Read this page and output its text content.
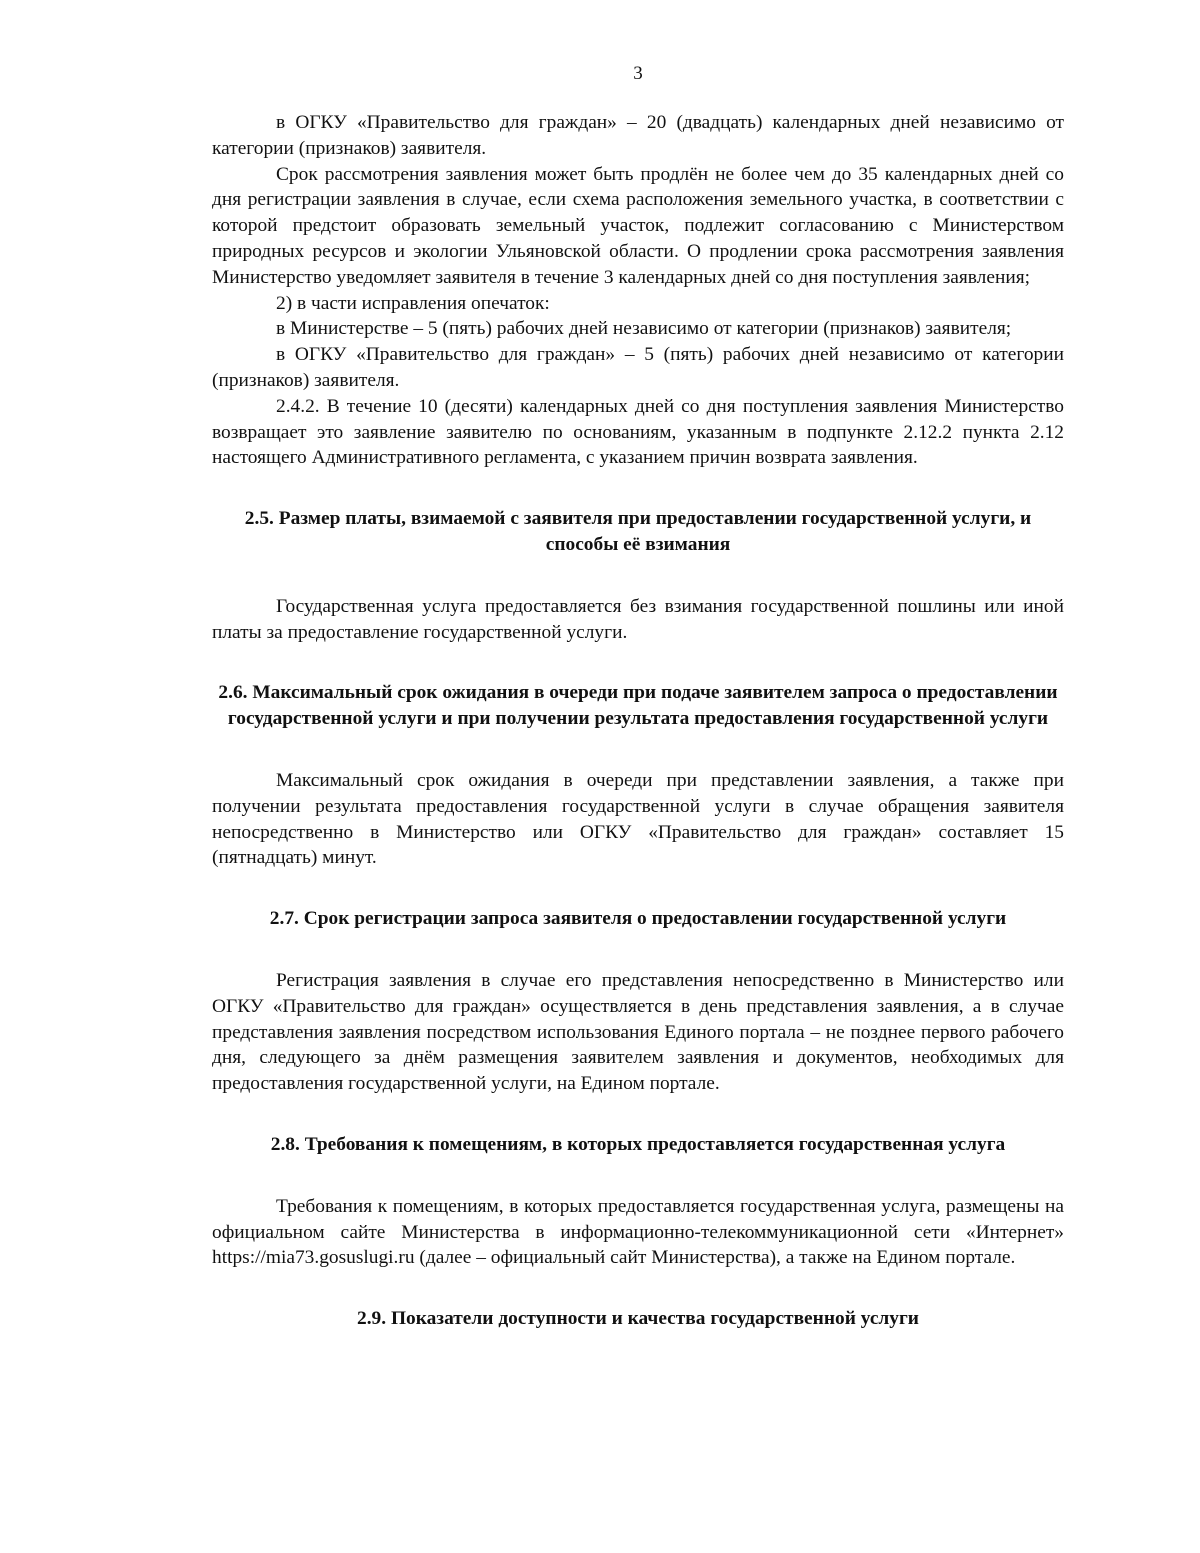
3

в ОГКУ «Правительство для граждан» – 20 (двадцать) календарных дней независимо от категории (признаков) заявителя.

Срок рассмотрения заявления может быть продлён не более чем до 35 календарных дней со дня регистрации заявления в случае, если схема расположения земельного участка, в соответствии с которой предстоит образовать земельный участок, подлежит согласованию с Министерством природных ресурсов и экологии Ульяновской области. О продлении срока рассмотрения заявления Министерство уведомляет заявителя в течение 3 календарных дней со дня поступления заявления;

2) в части исправления опечаток:

в Министерстве – 5 (пять) рабочих дней независимо от категории (признаков) заявителя;

в ОГКУ «Правительство для граждан» – 5 (пять) рабочих дней независимо от категории (признаков) заявителя.

2.4.2. В течение 10 (десяти) календарных дней со дня поступления заявления Министерство возвращает это заявление заявителю по основаниям, указанным в подпункте 2.12.2 пункта 2.12 настоящего Административного регламента, с указанием причин возврата заявления.

2.5. Размер платы, взимаемой с заявителя при предоставлении государственной услуги, и способы её взимания

Государственная услуга предоставляется без взимания государственной пошлины или иной платы за предоставление государственной услуги.

2.6. Максимальный срок ожидания в очереди при подаче заявителем запроса о предоставлении государственной услуги и при получении результата предоставления государственной услуги

Максимальный срок ожидания в очереди при представлении заявления, а также при получении результата предоставления государственной услуги в случае обращения заявителя непосредственно в Министерство или ОГКУ «Правительство для граждан» составляет 15 (пятнадцать) минут.

2.7. Срок регистрации запроса заявителя о предоставлении государственной услуги

Регистрация заявления в случае его представления непосредственно в Министерство или ОГКУ «Правительство для граждан» осуществляется в день представления заявления, а в случае представления заявления посредством использования Единого портала – не позднее первого рабочего дня, следующего за днём размещения заявителем заявления и документов, необходимых для предоставления государственной услуги, на Едином портале.

2.8. Требования к помещениям, в которых предоставляется государственная услуга

Требования к помещениям, в которых предоставляется государственная услуга, размещены на официальном сайте Министерства в информационно-телекоммуникационной сети «Интернет» https://mia73.gosuslugi.ru (далее – официальный сайт Министерства), а также на Едином портале.

2.9. Показатели доступности и качества государственной услуги
